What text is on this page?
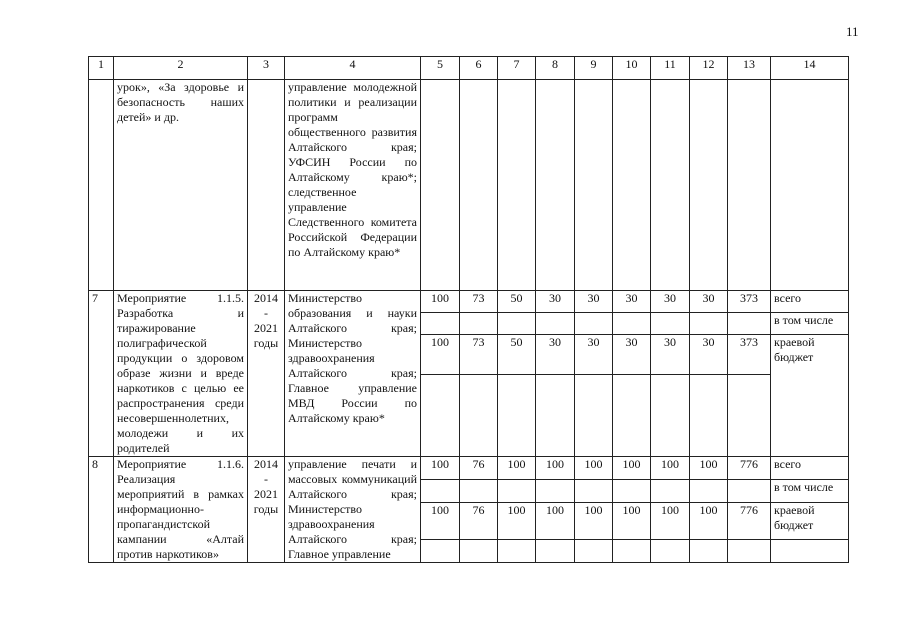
11
1	2	3	4	5	6	7	8	9	10	11	12	13	14
	урок», «За здоровье и безопасность наших детей» и др.		управление молодежной политики и реализации программ общественного развития Алтайского края; УФСИН России по Алтайскому краю*; следственное управление Следственного комитета Российской Федерации по Алтайскому краю*										
7	Мероприятие 1.1.5. Разработка и тиражирование полиграфической продукции о здоровом образе жизни и вреде наркотиков с целью ее распространения среди несовершеннолетних, молодежи и их родителей	2014 - 2021 годы	Министерство образования и науки Алтайского края; Министерство здравоохранения Алтайского края; Главное управление МВД России по Алтайскому краю*	100	73	50	30	30	30	30	30	373	всего
													в том числе
				100	73	50	30	30	30	30	30	373	краевой бюджет

8	Мероприятие 1.1.6. Реализация мероприятий в рамках информационно-пропагандистской кампании «Алтай против наркотиков»	2014 - 2021 годы	управление печати и массовых коммуникаций Алтайского края; Министерство здравоохранения Алтайского края; Главное управление	100	76	100	100	100	100	100	100	776	всего
													в том числе
				100	76	100	100	100	100	100	100	776	краевой бюджет
